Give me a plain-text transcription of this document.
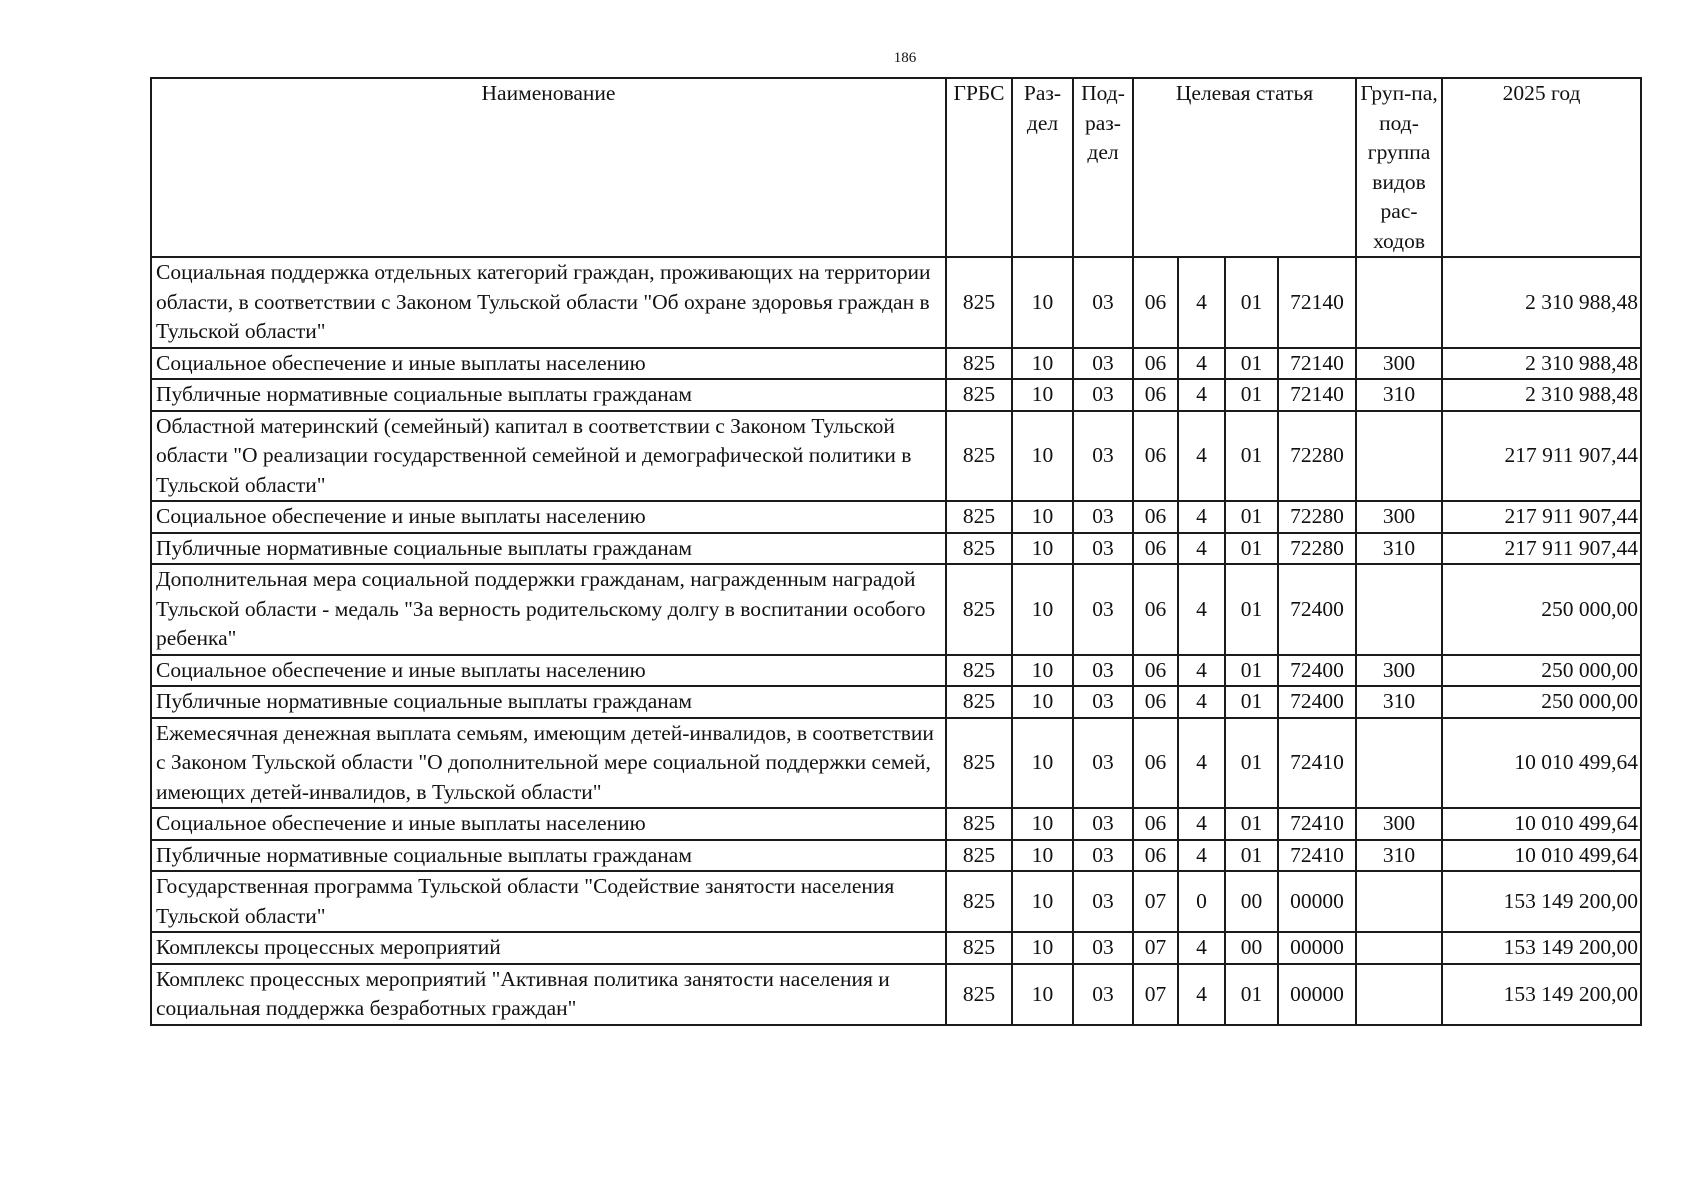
186
Наименование	ГРБС	Раз-дел	Под-раз-дел	Целевая статья				Груп-па, под-группа видов рас-ходов	2025 год
Социальная поддержка отдельных категорий граждан, проживающих на территории области, в соответствии с Законом Тульской области "Об охране здоровья граждан в Тульской области"	825	10	03	06	4	01	72140		2 310 988,48
Социальное обеспечение и иные выплаты населению	825	10	03	06	4	01	72140	300	2 310 988,48
Публичные нормативные социальные выплаты гражданам	825	10	03	06	4	01	72140	310	2 310 988,48
Областной материнский (семейный) капитал в соответствии с Законом Тульской области "О реализации государственной семейной и демографической политики в Тульской области"	825	10	03	06	4	01	72280		217 911 907,44
Социальное обеспечение и иные выплаты населению	825	10	03	06	4	01	72280	300	217 911 907,44
Публичные нормативные социальные выплаты гражданам	825	10	03	06	4	01	72280	310	217 911 907,44
Дополнительная мера социальной поддержки гражданам, награжденным наградой Тульской области - медаль "За верность родительскому долгу в воспитании особого ребенка"	825	10	03	06	4	01	72400		250 000,00
Социальное обеспечение и иные выплаты населению	825	10	03	06	4	01	72400	300	250 000,00
Публичные нормативные социальные выплаты гражданам	825	10	03	06	4	01	72400	310	250 000,00
Ежемесячная денежная выплата семьям, имеющим детей-инвалидов, в соответствии с Законом Тульской области "О дополнительной мере социальной поддержки семей, имеющих детей-инвалидов, в Тульской области"	825	10	03	06	4	01	72410		10 010 499,64
Социальное обеспечение и иные выплаты населению	825	10	03	06	4	01	72410	300	10 010 499,64
Публичные нормативные социальные выплаты гражданам	825	10	03	06	4	01	72410	310	10 010 499,64
Государственная программа Тульской области "Содействие занятости населения Тульской области"	825	10	03	07	0	00	00000		153 149 200,00
Комплексы процессных мероприятий	825	10	03	07	4	00	00000		153 149 200,00
Комплекс процессных мероприятий "Активная политика занятости населения и социальная поддержка безработных граждан"	825	10	03	07	4	01	00000		153 149 200,00
